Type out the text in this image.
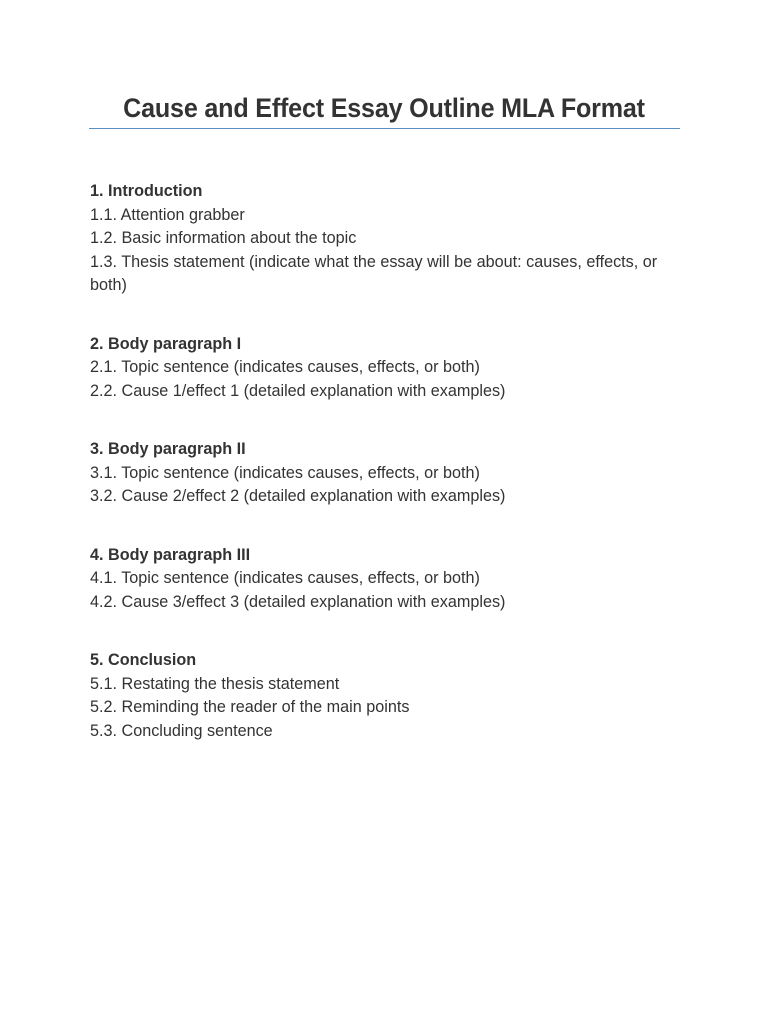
Cause and Effect Essay Outline MLA Format
1. Introduction
1.1. Attention grabber
1.2. Basic information about the topic
1.3. Thesis statement (indicate what the essay will be about: causes, effects, or both)
2. Body paragraph I
2.1. Topic sentence (indicates causes, effects, or both)
2.2. Cause 1/effect 1 (detailed explanation with examples)
3. Body paragraph II
3.1. Topic sentence (indicates causes, effects, or both)
3.2. Cause 2/effect 2 (detailed explanation with examples)
4. Body paragraph III
4.1. Topic sentence (indicates causes, effects, or both)
4.2. Cause 3/effect 3 (detailed explanation with examples)
5. Conclusion
5.1. Restating the thesis statement
5.2. Reminding the reader of the main points
5.3. Concluding sentence
